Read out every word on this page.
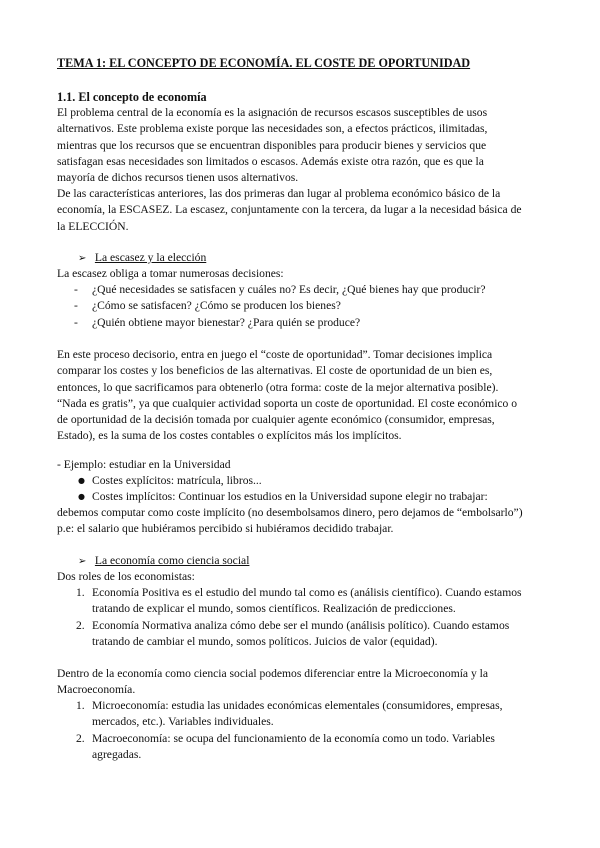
TEMA 1: EL CONCEPTO DE ECONOMÍA. EL COSTE DE OPORTUNIDAD
1.1. El concepto de economía
El problema central de la economía es la asignación de recursos escasos susceptibles de usos
alternativos. Este problema existe porque las necesidades son, a efectos prácticos, ilimitadas,
mientras que los recursos que se encuentran disponibles para producir bienes y servicios que
satisfagan esas necesidades son limitados o escasos. Además existe otra razón, que es que la
mayoría de dichos recursos tienen usos alternativos.
De las características anteriores, las dos primeras dan lugar al problema económico básico de la
economía, la ESCASEZ. La escasez, conjuntamente con la tercera, da lugar a la necesidad básica de
la ELECCIÓN.
➢ La escasez y la elección
La escasez obliga a tomar numerosas decisiones:
- ¿Qué necesidades se satisfacen y cuáles no? Es decir, ¿Qué bienes hay que producir?
- ¿Cómo se satisfacen? ¿Cómo se producen los bienes?
- ¿Quién obtiene mayor bienestar? ¿Para quién se produce?
En este proceso decisorio, entra en juego el “coste de oportunidad”. Tomar decisiones implica
comparar los costes y los beneficios de las alternativas. El coste de oportunidad de un bien es,
entonces, lo que sacrificamos para obtenerlo (otra forma: coste de la mejor alternativa posible).
“Nada es gratis”, ya que cualquier actividad soporta un coste de oportunidad. El coste económico o
de oportunidad de la decisión tomada por cualquier agente económico (consumidor, empresas,
Estado), es la suma de los costes contables o explícitos más los implícitos.
- Ejemplo: estudiar en la Universidad
● Costes explícitos: matrícula, libros...
● Costes implícitos: Continuar los estudios en la Universidad supone elegir no trabajar:
debemos computar como coste implícito (no desembolsamos dinero, pero dejamos de “embolsarlo”)
p.e: el salario que hubiéramos percibido si hubiéramos decidido trabajar.
➢ La economía como ciencia social
Dos roles de los economistas:
1. Economía Positiva es el estudio del mundo tal como es (análisis científico). Cuando estamos
tratando de explicar el mundo, somos científicos. Realización de predicciones.
2. Economía Normativa analiza cómo debe ser el mundo (análisis político). Cuando estamos
tratando de cambiar el mundo, somos políticos. Juicios de valor (equidad).
Dentro de la economía como ciencia social podemos diferenciar entre la Microeconomía y la
Macroeconomía.
1. Microeconomía: estudia las unidades económicas elementales (consumidores, empresas,
mercados, etc.). Variables individuales.
2. Macroeconomía: se ocupa del funcionamiento de la economía como un todo. Variables
agregadas.
